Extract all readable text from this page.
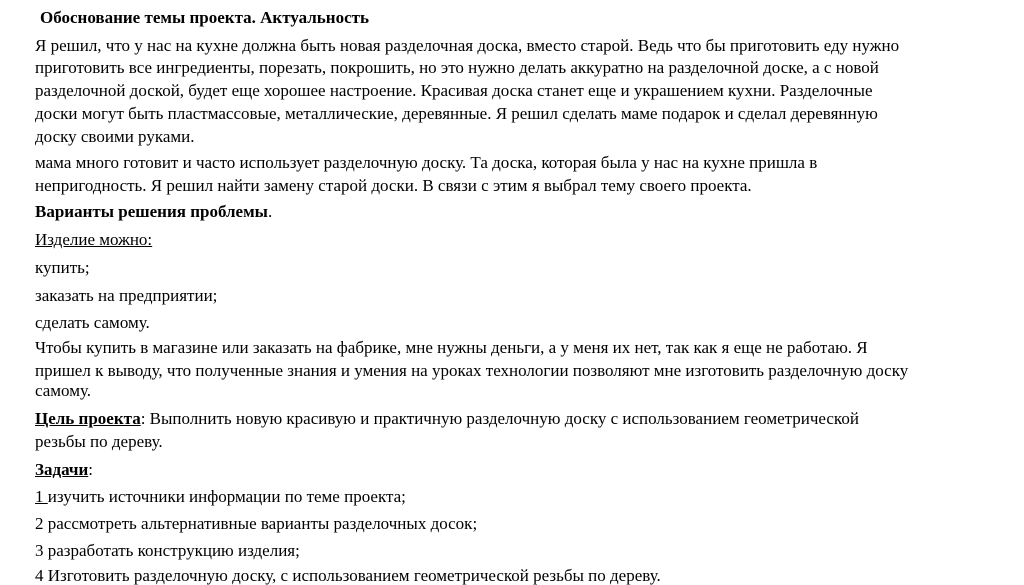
Обоснование темы проекта. Актуальность
Я решил, что у нас на кухне должна быть новая разделочная доска, вместо старой. Ведь что бы приготовить еду нужно
приготовить все ингредиенты, порезать, покрошить, но это нужно делать аккуратно на разделочной доске, а с новой
разделочной доской, будет еще хорошее настроение. Красивая доска станет еще и украшением кухни. Разделочные
доски могут быть пластмассовые, металлические, деревянные. Я решил сделать маме подарок и сделал деревянную
доску своими руками.
мама много готовит и часто использует разделочную доску. Та доска, которая была у нас на кухне пришла в
непригодность. Я решил найти замену старой доски. В связи с этим я выбрал тему своего проекта.
Варианты решения проблемы.
Изделие можно:
купить;
заказать на предприятии;
сделать самому.
Чтобы купить в магазине или заказать на фабрике, мне нужны деньги, а у меня их нет, так как я еще не работаю. Я
пришел к выводу, что полученные знания и умения на уроках технологии позволяют мне изготовить разделочную доску
самому.
Цель проекта: Выполнить новую красивую и практичную разделочную доску с использованием геометрической
резьбы по дереву.
Задачи:
1 изучить источники информации по теме проекта;
2 рассмотреть альтернативные варианты разделочных досок;
3 разработать конструкцию изделия;
4 Изготовить разделочную доску, с использованием геометрической резьбы по дереву.
